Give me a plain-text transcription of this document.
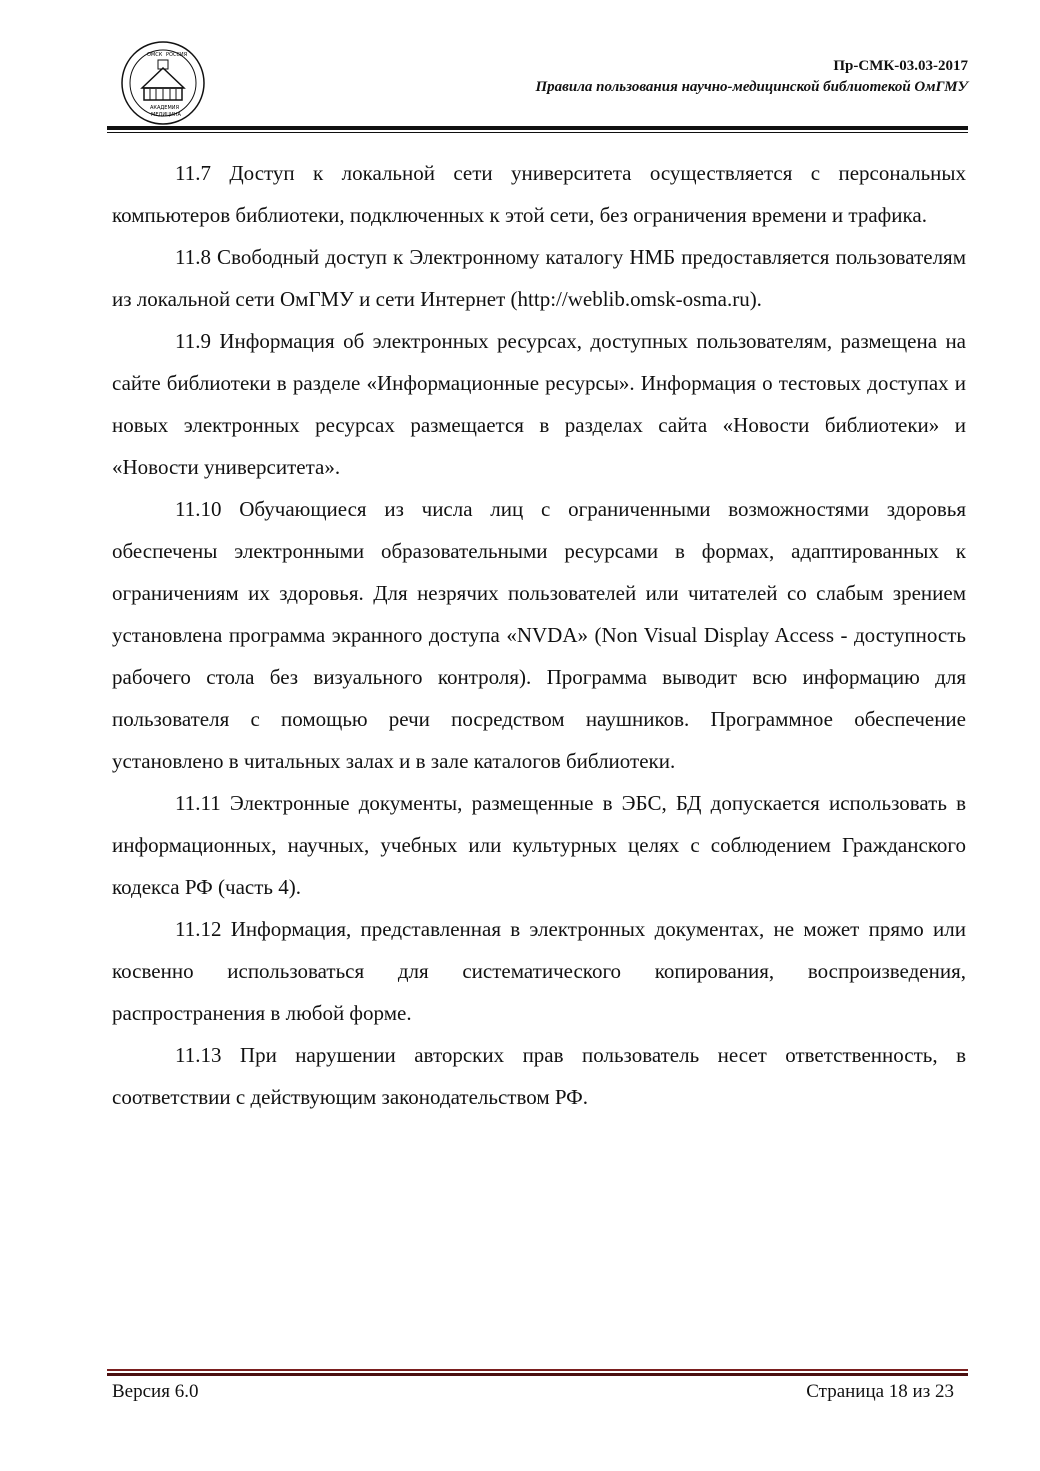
ОМСК РОССИЯ
АКАДЕМИЯ
МЕДИЦИНА
Пр-СМК-03.03-2017
Правила пользования научно-медицинской библиотекой ОмГМУ

11.7 Доступ к локальной сети университета осуществляется с персональных компьютеров библиотеки, подключенных к этой сети, без ограничения времени и трафика.

11.8 Свободный доступ к Электронному каталогу НМБ предоставляется пользователям из локальной сети ОмГМУ и сети Интернет (http://weblib.omsk-osma.ru).

11.9 Информация об электронных ресурсах, доступных пользователям, размещена на сайте библиотеки в разделе «Информационные ресурсы». Информация о тестовых доступах и новых электронных ресурсах размещается в разделах сайта «Новости библиотеки» и «Новости университета».

11.10 Обучающиеся из числа лиц с ограниченными возможностями здоровья обеспечены электронными образовательными ресурсами в формах, адаптированных к ограничениям их здоровья. Для незрячих пользователей или читателей со слабым зрением установлена программа экранного доступа «NVDA» (Non Visual Display Access - доступность рабочего стола без визуального контроля). Программа выводит всю информацию для пользователя с помощью речи посредством наушников. Программное обеспечение установлено в читальных залах и в зале каталогов библиотеки.

11.11 Электронные документы, размещенные в ЭБС, БД допускается использовать в информационных, научных, учебных или культурных целях с соблюдением Гражданского кодекса РФ (часть 4).

11.12 Информация, представленная в электронных документах, не может прямо или косвенно использоваться для систематического копирования, воспроизведения, распространения в любой форме.

11.13 При нарушении авторских прав пользователь несет ответственность, в соответствии с действующим законодательством РФ.

Версия 6.0	Страница 18 из 23
